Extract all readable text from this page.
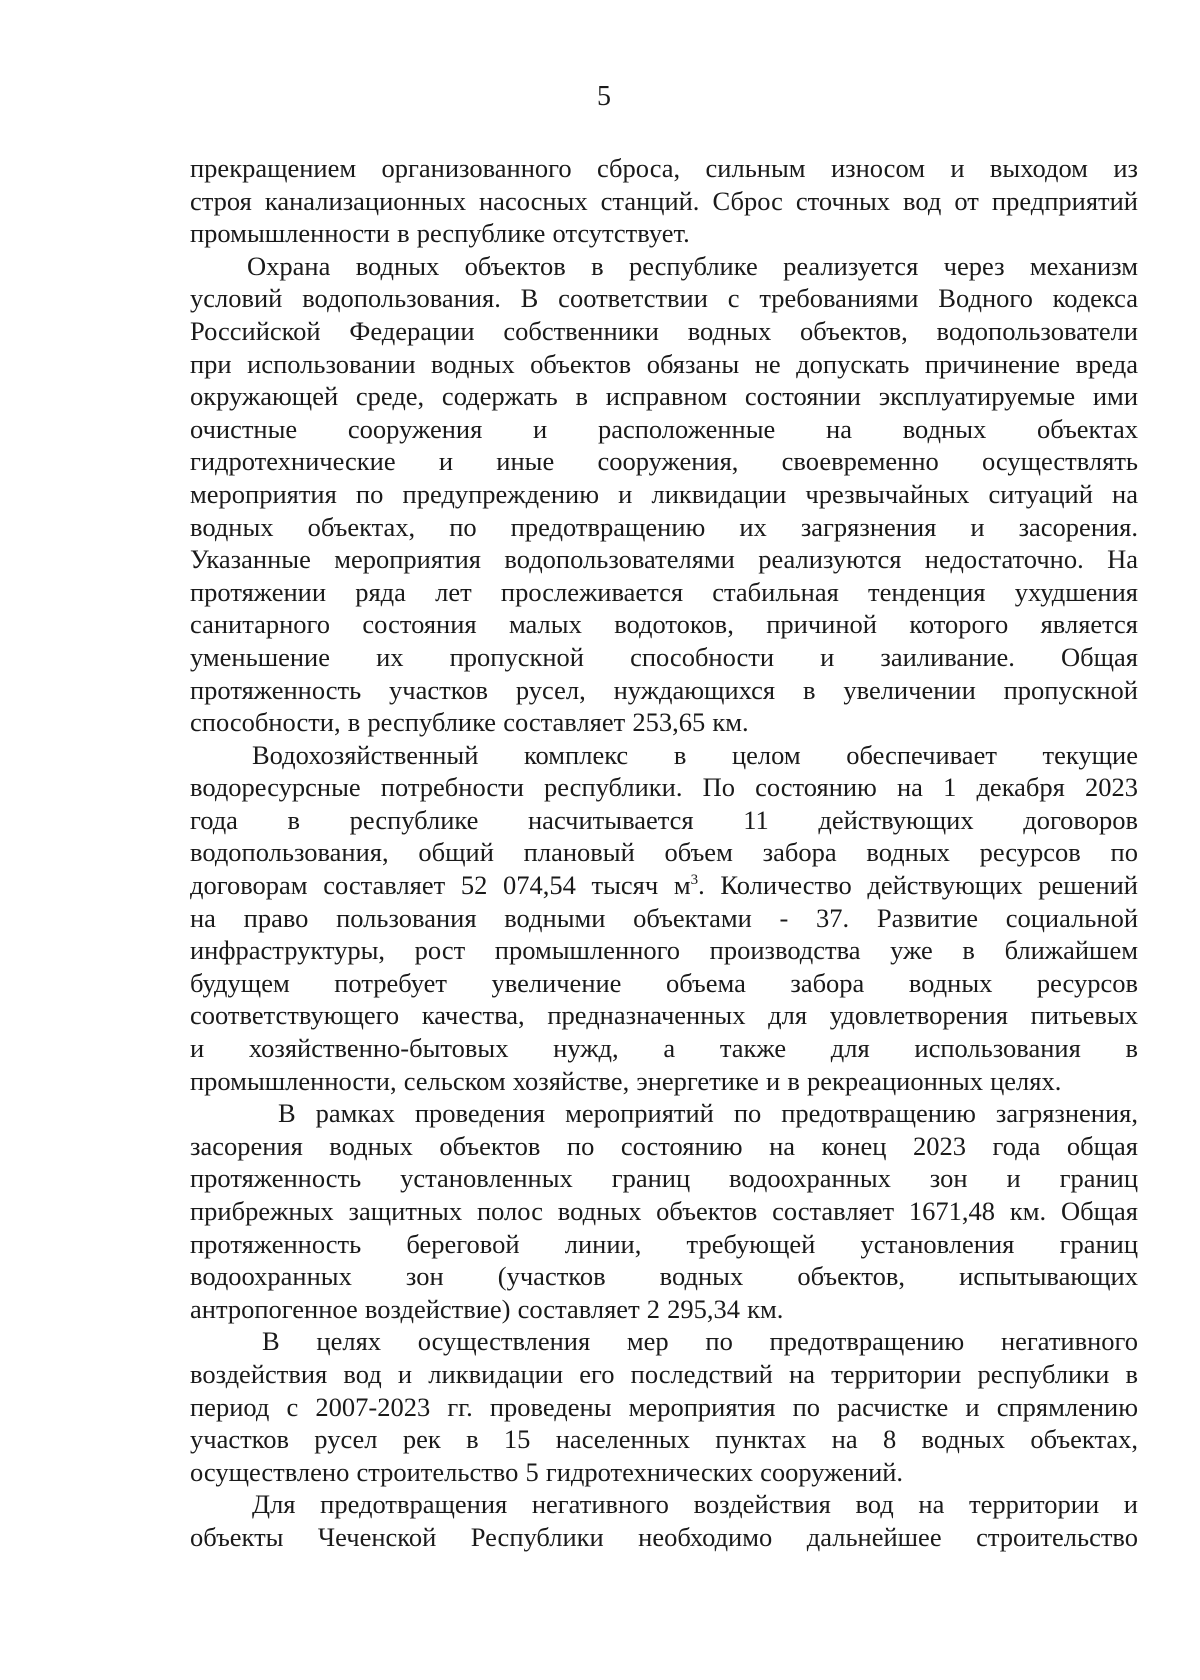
5
прекращением организованного сброса, сильным износом и выходом из
строя канализационных насосных станций. Сброс сточных вод от предприятий
промышленности в республике отсутствует.
Охрана водных объектов в республике реализуется через механизм
условий водопользования. В соответствии с требованиями Водного кодекса
Российской Федерации собственники водных объектов, водопользователи
при использовании водных объектов обязаны не допускать причинение вреда
окружающей среде, содержать в исправном состоянии эксплуатируемые ими
очистные сооружения и расположенные на водных объектах
гидротехнические и иные сооружения, своевременно осуществлять
мероприятия по предупреждению и ликвидации чрезвычайных ситуаций на
водных объектах, по предотвращению их загрязнения и засорения.
Указанные мероприятия водопользователями реализуются недостаточно. На
протяжении ряда лет прослеживается стабильная тенденция ухудшения
санитарного состояния малых водотоков, причиной которого является
уменьшение их пропускной способности и заиливание. Общая
протяженность участков русел, нуждающихся в увеличении пропускной
способности, в республике составляет 253,65 км.
Водохозяйственный комплекс в целом обеспечивает текущие
водоресурсные потребности республики. По состоянию на 1 декабря 2023
года в республике насчитывается 11 действующих договоров
водопользования, общий плановый объем забора водных ресурсов по
договорам составляет 52 074,54 тысяч $м^3$. Количество действующих решений
на право пользования водными объектами - 37. Развитие социальной
инфраструктуры, рост промышленного производства уже в ближайшем
будущем потребует увеличение объема забора водных ресурсов
соответствующего качества, предназначенных для удовлетворения питьевых
и хозяйственно-бытовых нужд, а также для использования в
промышленности, сельском хозяйстве, энергетике и в рекреационных целях.
В рамках проведения мероприятий по предотвращению загрязнения,
засорения водных объектов по состоянию на конец 2023 года общая
протяженность установленных границ водоохранных зон и границ
прибрежных защитных полос водных объектов составляет 1671,48 км. Общая
протяженность береговой линии, требующей установления границ
водоохранных зон (участков водных объектов, испытывающих
антропогенное воздействие) составляет 2 295,34 км.
В целях осуществления мер по предотвращению негативного
воздействия вод и ликвидации его последствий на территории республики в
период с 2007-2023 гг. проведены мероприятия по расчистке и спрямлению
участков русел рек в 15 населенных пунктах на 8 водных объектах,
осуществлено строительство 5 гидротехнических сооружений.
Для предотвращения негативного воздействия вод на территории и
объекты Чеченской Республики необходимо дальнейшее строительство
